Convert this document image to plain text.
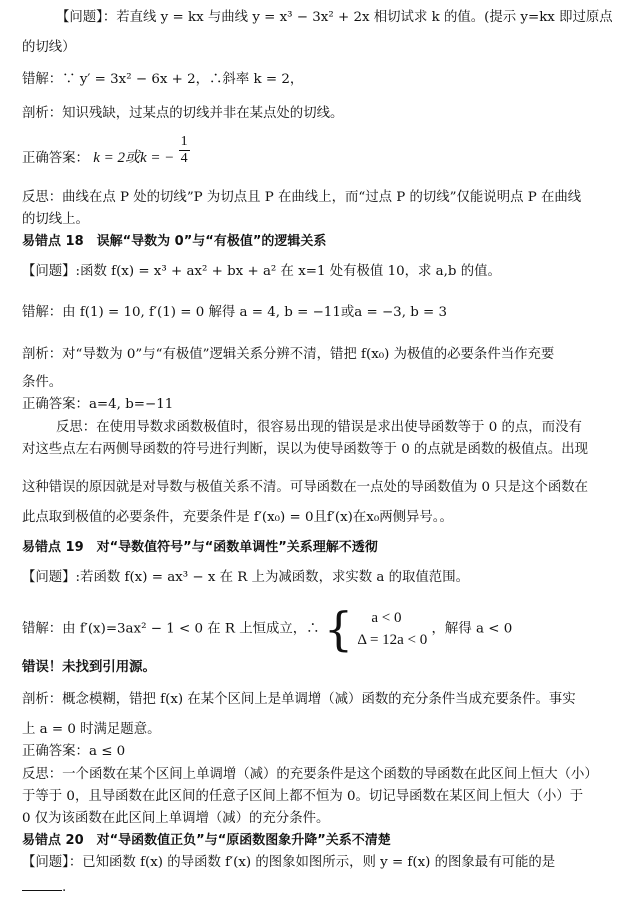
【问题】：若直线 y = kx 与曲线 y = x³ − 3x² + 2x 相切试求 k 的值。(提示 y=kx 即过原点
的切线）
错解：∵ y′ = 3x² − 6x + 2，∴斜率 k = 2，
剖析：知识残缺，过某点的切线并非在某点处的切线。
正确答案： k = 2或k = − $\frac{1}{4}$
反思：曲线在点 P 处的切线”P 为切点且 P 在曲线上，而“过点 P 的切线”仅能说明点 P 在曲线
的切线上。
易错点 18　误解“导数为 0”与“有极值”的逻辑关系
【问题】:函数 f(x) = x³ + ax² + bx + a² 在 x=1 处有极值 10，求 a,b 的值。
错解：由 f(1) = 10, f′(1) = 0 解得 a = 4, b = −11或a = −3, b = 3
剖析：对“导数为 0”与“有极值”逻辑关系分辨不清，错把 f(x₀) 为极值的必要条件当作充要
条件。
正确答案：a=4, b=−11
反思：在使用导数求函数极值时，很容易出现的错误是求出使导函数等于 0 的点，而没有
对这些点左右两侧导函数的符号进行判断，误以为使导函数等于 0 的点就是函数的极值点。出现
这种错误的原因就是对导数与极值关系不清。可导函数在一点处的导函数值为 0 只是这个函数在
此点取到极值的必要条件，充要条件是 f′(x₀) = 0且f′(x)在x₀两侧异号。。
易错点 19　对“导数值符号”与“函数单调性”关系理解不透彻
【问题】:若函数 f(x) = ax³ − x 在 R 上为减函数，求实数 a 的取值范围。
错解：由 f′(x)=3ax² − 1 < 0 在 R 上恒成立，∴ {	a < 0
Δ = 12a < 0
，解得 a < 0
错误！未找到引用源。
剖析：概念模糊，错把 f(x) 在某个区间上是单调增（减）函数的充分条件当成充要条件。事实
上 a = 0 时满足题意。
正确答案：a ≤ 0
反思：一个函数在某个区间上单调增（减）的充要条件是这个函数的导函数在此区间上恒大（小）
于等于 0，且导函数在此区间的任意子区间上都不恒为 0。切记导函数在某区间上恒大（小）于
0 仅为该函数在此区间上单调增（减）的充分条件。
易错点 20　对“导函数值正负”与“原函数图象升降”关系不清楚
【问题】：已知函数 f(x) 的导函数 f′(x) 的图象如图所示，则 y = f(x) 的图象最有可能的是
.
